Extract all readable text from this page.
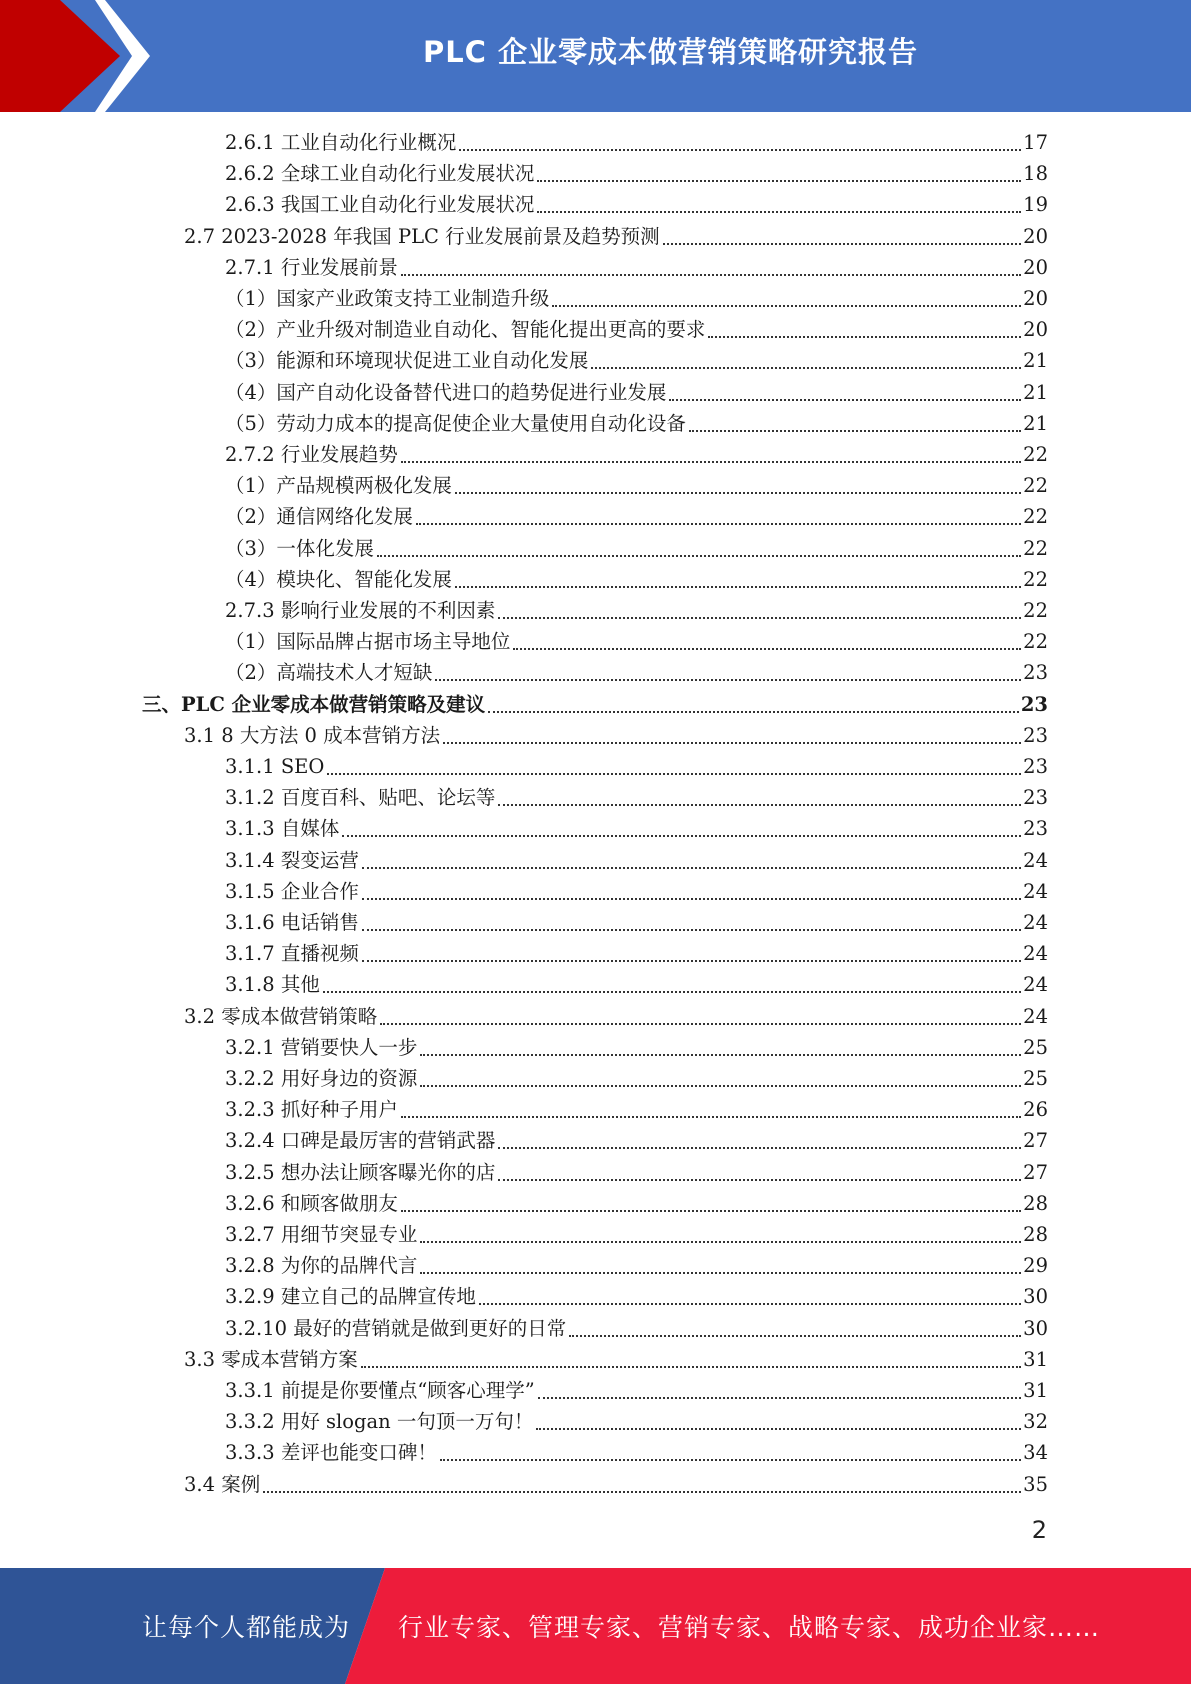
PLC 企业零成本做营销策略研究报告
2.6.1 工业自动化行业概况	17
2.6.2 全球工业自动化行业发展状况	18
2.6.3 我国工业自动化行业发展状况	19
2.7 2023-2028 年我国 PLC 行业发展前景及趋势预测	20
2.7.1 行业发展前景	20
（1）国家产业政策支持工业制造升级	20
（2）产业升级对制造业自动化、智能化提出更高的要求	20
（3）能源和环境现状促进工业自动化发展	21
（4）国产自动化设备替代进口的趋势促进行业发展	21
（5）劳动力成本的提高促使企业大量使用自动化设备	21
2.7.2 行业发展趋势	22
（1）产品规模两极化发展	22
（2）通信网络化发展	22
（3）一体化发展	22
（4）模块化、智能化发展	22
2.7.3 影响行业发展的不利因素	22
（1）国际品牌占据市场主导地位	22
（2）高端技术人才短缺	23
三、PLC 企业零成本做营销策略及建议	23
3.1 8 大方法 0 成本营销方法	23
3.1.1 SEO	23
3.1.2 百度百科、贴吧、论坛等	23
3.1.3 自媒体	23
3.1.4 裂变运营	24
3.1.5 企业合作	24
3.1.6 电话销售	24
3.1.7 直播视频	24
3.1.8 其他	24
3.2 零成本做营销策略	24
3.2.1 营销要快人一步	25
3.2.2 用好身边的资源	25
3.2.3 抓好种子用户	26
3.2.4 口碑是最厉害的营销武器	27
3.2.5 想办法让顾客曝光你的店	27
3.2.6 和顾客做朋友	28
3.2.7 用细节突显专业	28
3.2.8 为你的品牌代言	29
3.2.9 建立自己的品牌宣传地	30
3.2.10 最好的营销就是做到更好的日常	30
3.3 零成本营销方案	31
3.3.1 前提是你要懂点“顾客心理学”	31
3.3.2 用好 slogan 一句顶一万句！	32
3.3.3 差评也能变口碑！	34
3.4 案例	35
2
让每个人都能成为 行业专家、管理专家、营销专家、战略专家、成功企业家……
